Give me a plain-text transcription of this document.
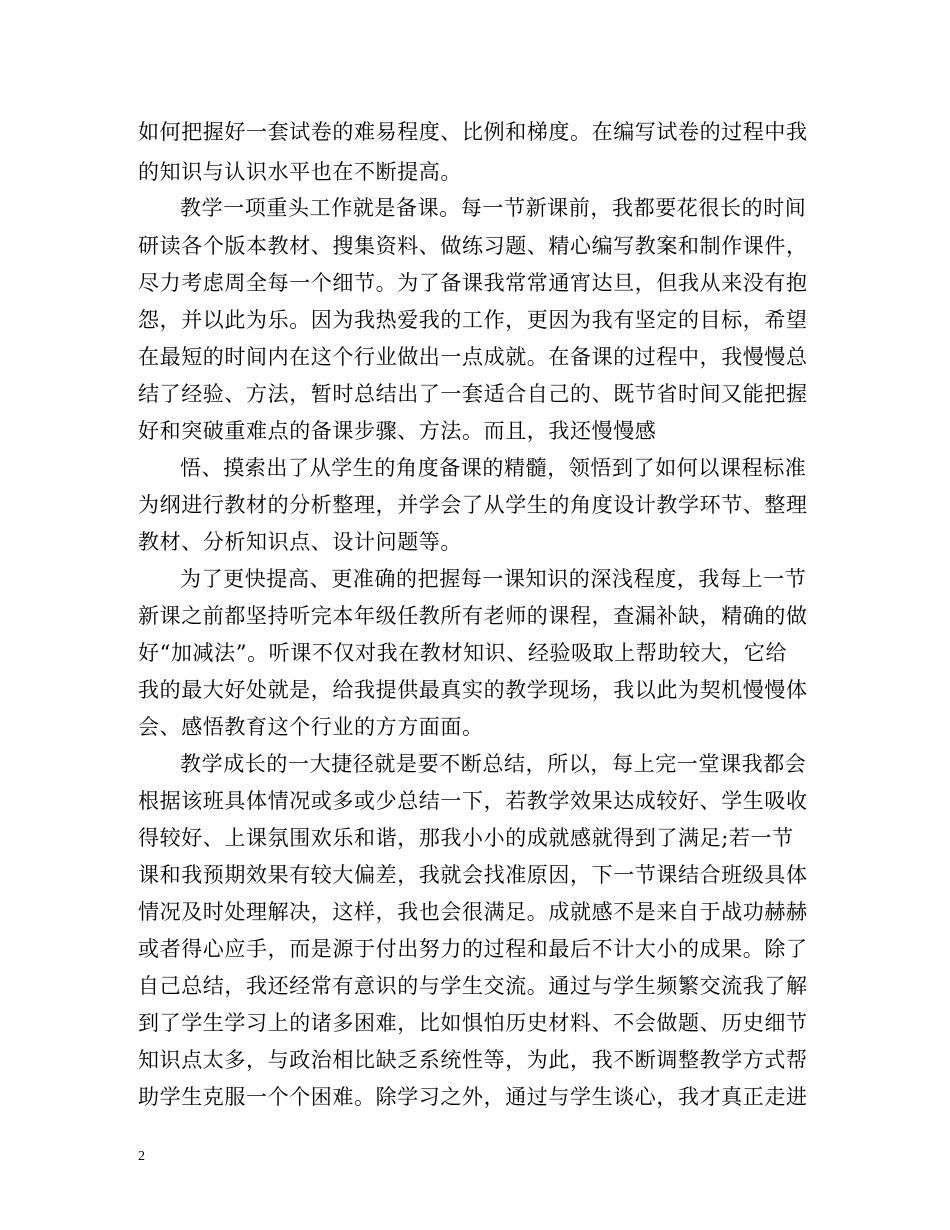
如何把握好一套试卷的难易程度、比例和梯度。在编写试卷的过程中我
的知识与认识水平也在不断提高。
教学一项重头工作就是备课。每一节新课前，我都要花很长的时间
研读各个版本教材、搜集资料、做练习题、精心编写教案和制作课件，
尽力考虑周全每一个细节。为了备课我常常通宵达旦，但我从来没有抱
怨，并以此为乐。因为我热爱我的工作，更因为我有坚定的目标，希望
在最短的时间内在这个行业做出一点成就。在备课的过程中，我慢慢总
结了经验、方法，暂时总结出了一套适合自己的、既节省时间又能把握
好和突破重难点的备课步骤、方法。而且，我还慢慢感
悟、摸索出了从学生的角度备课的精髓，领悟到了如何以课程标准
为纲进行教材的分析整理，并学会了从学生的角度设计教学环节、整理
教材、分析知识点、设计问题等。
为了更快提高、更准确的把握每一课知识的深浅程度，我每上一节
新课之前都坚持听完本年级任教所有老师的课程，查漏补缺，精确的做
好“加减法”。听课不仅对我在教材知识、经验吸取上帮助较大，它给
我的最大好处就是，给我提供最真实的教学现场，我以此为契机慢慢体
会、感悟教育这个行业的方方面面。
教学成长的一大捷径就是要不断总结，所以，每上完一堂课我都会
根据该班具体情况或多或少总结一下，若教学效果达成较好、学生吸收
得较好、上课氛围欢乐和谐，那我小小的成就感就得到了满足;若一节
课和我预期效果有较大偏差，我就会找准原因，下一节课结合班级具体
情况及时处理解决，这样，我也会很满足。成就感不是来自于战功赫赫
或者得心应手，而是源于付出努力的过程和最后不计大小的成果。除了
自己总结，我还经常有意识的与学生交流。通过与学生频繁交流我了解
到了学生学习上的诸多困难，比如惧怕历史材料、不会做题、历史细节
知识点太多，与政治相比缺乏系统性等，为此，我不断调整教学方式帮
助学生克服一个个困难。除学习之外，通过与学生谈心，我才真正走进
2
